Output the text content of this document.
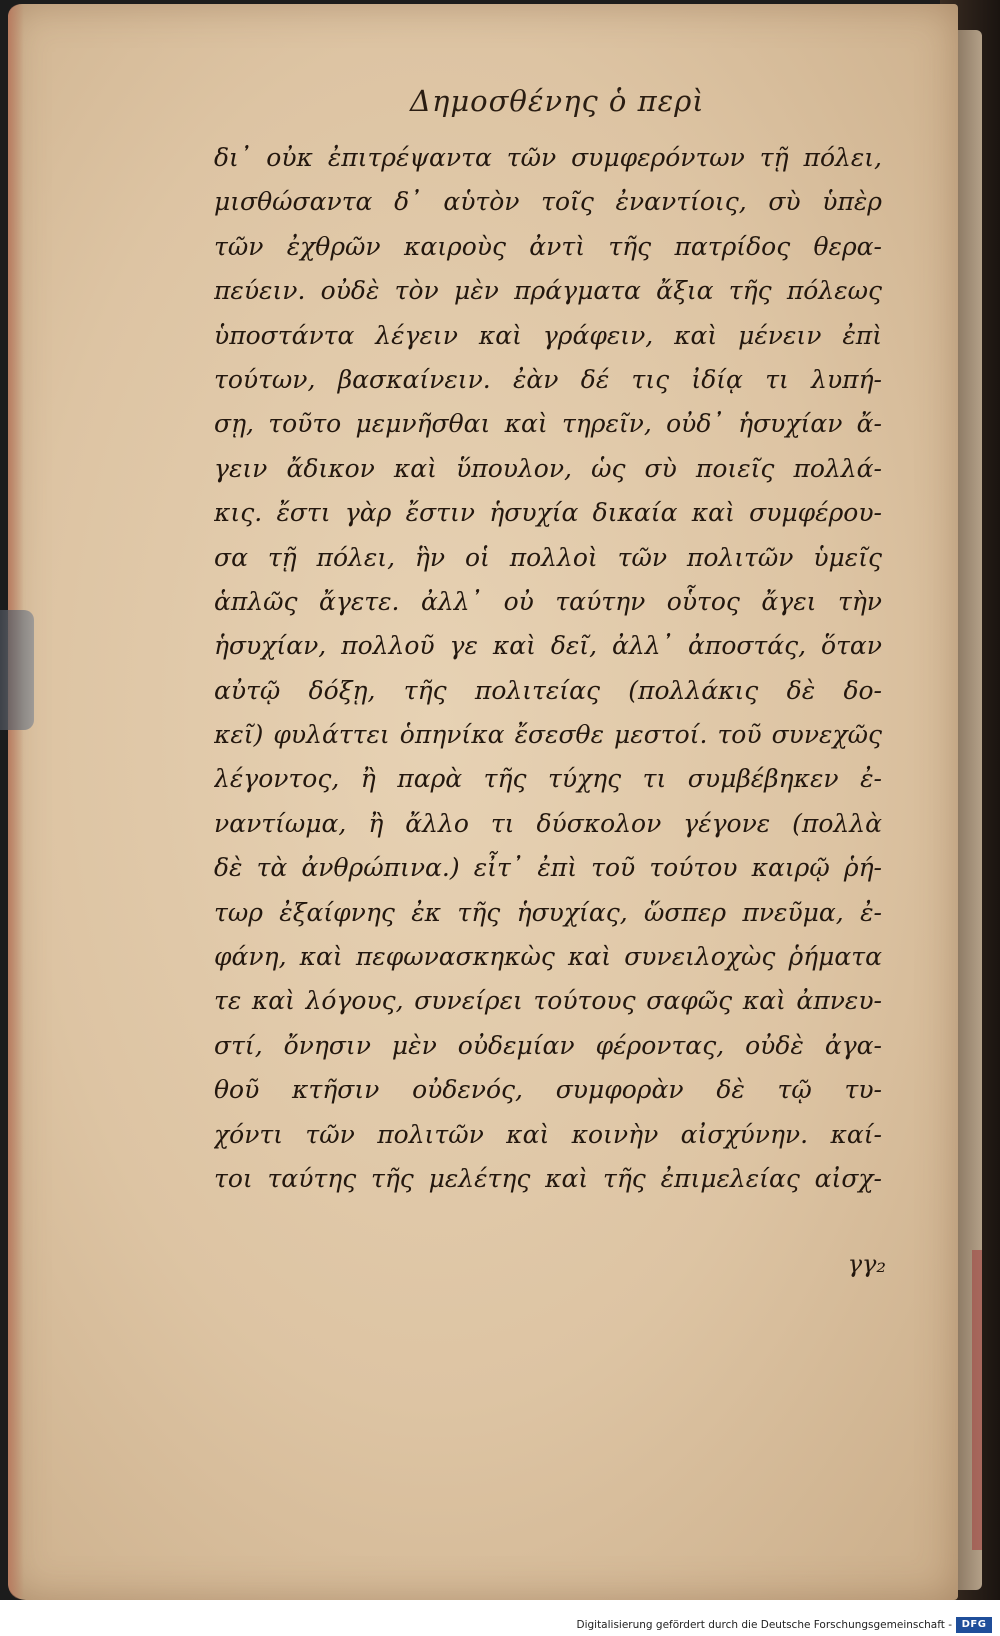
Δημοσθένης ὁ περὶ
δι᾽ οὐκ ἐπιτρέψαντα τῶν συμφερόντων τῇ πόλει,
μισθώσαντα δ᾽ αὑτὸν τοῖς ἐναντίοις, σὺ ὑπὲρ
τῶν ἐχθρῶν καιροὺς ἀντὶ τῆς πατρίδος θερα-
πεύειν. οὐδὲ τὸν μὲν πράγματα ἄξια τῆς πόλεως
ὑποστάντα λέγειν καὶ γράφειν, καὶ μένειν ἐπὶ
τούτων, βασκαίνειν. ἐὰν δέ τις ἰδίᾳ τι λυπή-
σῃ, τοῦτο μεμνῆσθαι καὶ τηρεῖν, οὐδ᾽ ἡσυχίαν ἄ-
γειν ἄδικον καὶ ὕπουλον, ὡς σὺ ποιεῖς πολλά-
κις. ἔστι γὰρ ἔστιν ἡσυχία δικαία καὶ συμφέρου-
σα τῇ πόλει, ἣν οἱ πολλοὶ τῶν πολιτῶν ὑμεῖς
ἁπλῶς ἄγετε. ἀλλ᾽ οὐ ταύτην οὗτος ἄγει τὴν
ἡσυχίαν, πολλοῦ γε καὶ δεῖ, ἀλλ᾽ ἀποστάς, ὅταν
αὐτῷ δόξῃ, τῆς πολιτείας (πολλάκις δὲ δο-
κεῖ) φυλάττει ὁπηνίκα ἔσεσθε μεστοί. τοῦ συνεχῶς
λέγοντος, ἢ παρὰ τῆς τύχης τι συμβέβηκεν ἐ-
ναντίωμα, ἢ ἄλλο τι δύσκολον γέγονε (πολλὰ
δὲ τὰ ἀνθρώπινα.) εἶτ᾽ ἐπὶ τοῦ τούτου καιρῷ ῥή-
τωρ ἐξαίφνης ἐκ τῆς ἡσυχίας, ὥσπερ πνεῦμα, ἐ-
φάνη, καὶ πεφωνασκηκὼς καὶ συνειλοχὼς ῥήματα
τε καὶ λόγους, συνείρει τούτους σαφῶς καὶ ἀπνευ-
στί, ὄνησιν μὲν οὐδεμίαν φέροντας, οὐδὲ ἀγα-
θοῦ κτῆσιν οὐδενός, συμφορὰν δὲ τῷ τυ-
χόντι τῶν πολιτῶν καὶ κοινὴν αἰσχύνην. καί-
τοι ταύτης τῆς μελέτης καὶ τῆς ἐπιμελείας αἰσχ-
γγ₂
Digitalisierung gefördert durch die Deutsche Forschungsgemeinschaft - DFG
